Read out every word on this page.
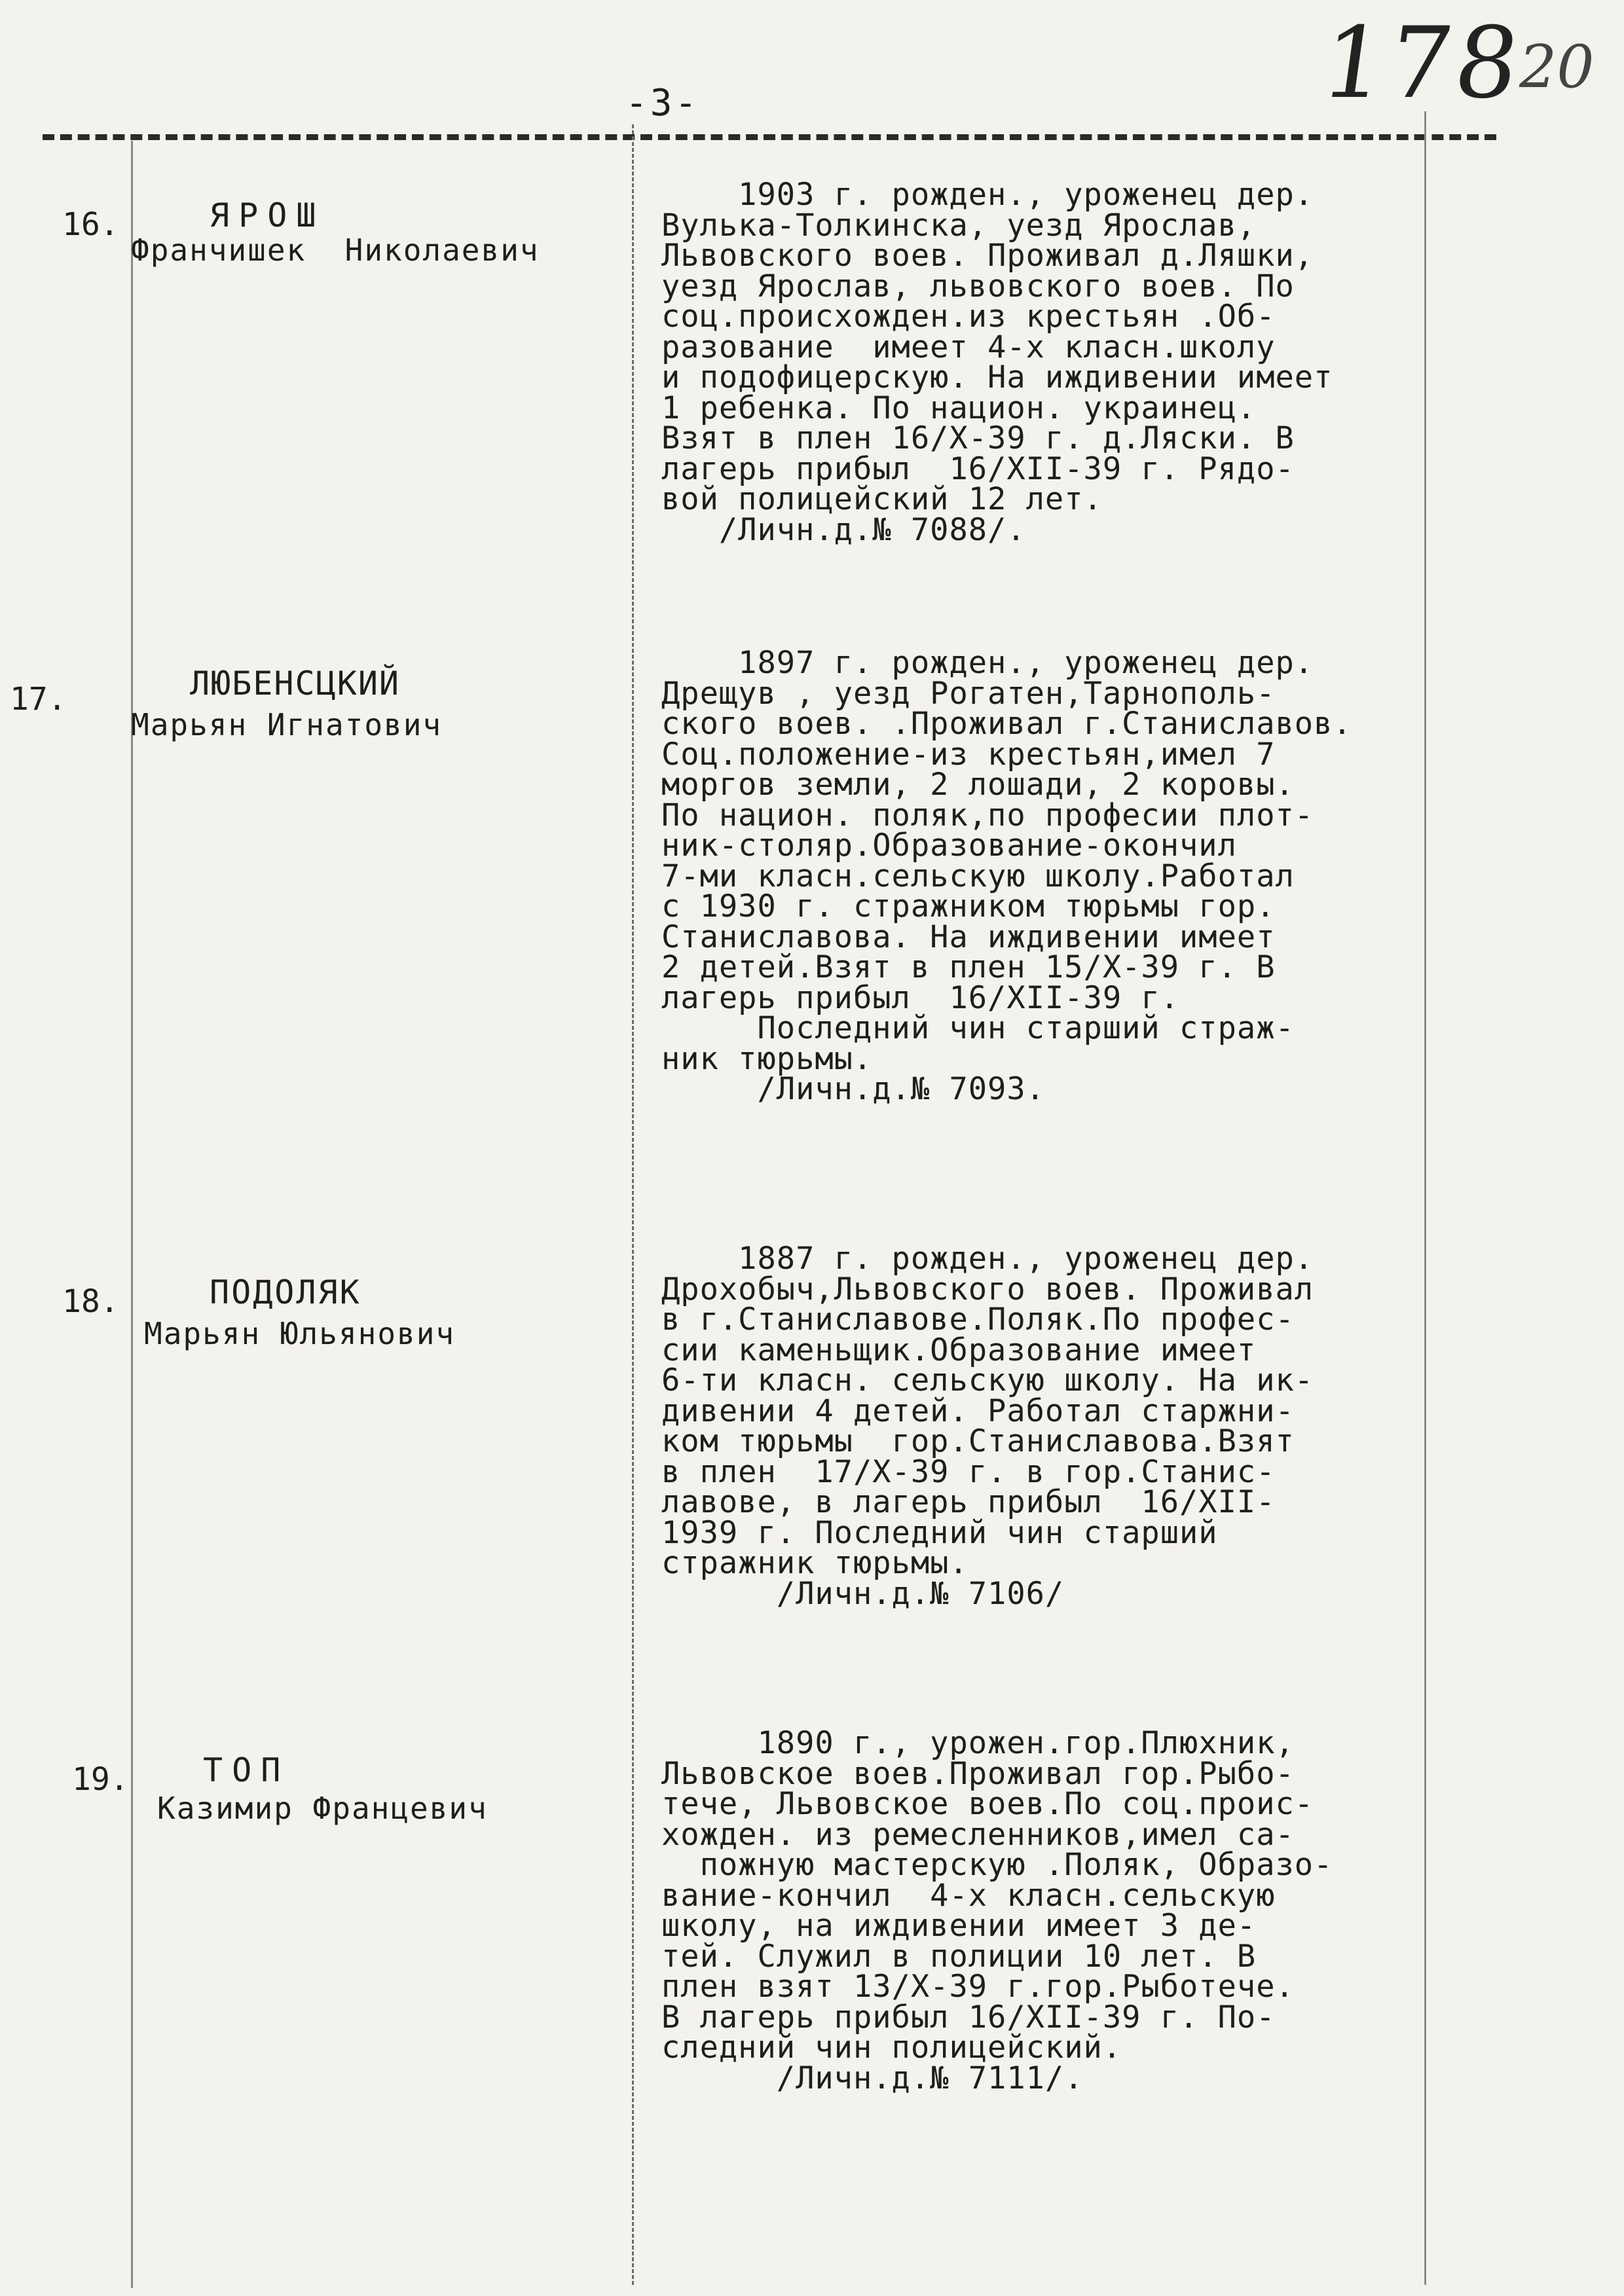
178
20
-3-
16.	ЯРОШ
Франчишек  Николаевич
1903 г. рожден., уроженец дер.
Вулька-Толкинска, уезд Ярослав,
Львовского воев. Проживал д.Ляшки,
уезд Ярослав, львовского воев. По
соц.происхожден.из крестьян .Об-
разование  имеет 4-х класн.школу
и подофицерскую. На иждивении имеет
1 ребенка. По национ. украинец.
Взят в плен 16/X-39 г. д.Ляски. В
лагерь прибыл  16/XII-39 г. Рядо-
вой полицейский 12 лет.
/Личн.д.№ 7088/.
17.	ЛЮБЕНСЦКИЙ
Марьян Игнатович
1897 г. рожден., уроженец дер.
Дрещув , уезд Рогатен,Тарнополь-
ского воев. .Проживал г.Станиславов.
Соц.положение-из крестьян,имел 7
моргов земли, 2 лошади, 2 коровы.
По национ. поляк,по професии плот-
ник-столяр.Образование-окончил
7-ми класн.сельскую школу.Работал
с 1930 г. стражником тюрьмы гор.
Станиславова. На иждивении имеет
2 детей.Взят в плен 15/X-39 г. В
лагерь прибыл  16/XII-39 г.
Последний чин старший страж-
ник тюрьмы.
/Личн.д.№ 7093.
18.	ПОДОЛЯК
Марьян Юльянович
1887 г. рожден., уроженец дер.
Дрохобыч,Львовского воев. Проживал
в г.Станиславове.Поляк.По профес-
сии каменьщик.Образование имеет
6-ти класн. сельскую школу. На ик-
дивении 4 детей. Работал старжни-
ком тюрьмы  гор.Станиславова.Взят
в плен  17/X-39 г. в гор.Станис-
лавове, в лагерь прибыл  16/XII-
1939 г. Последний чин старший
стражник тюрьмы.
/Личн.д.№ 7106/
19. ТОП
Казимир Францевич
1890 г., урожен.гор.Плюхник,
Львовское воев.Проживал гор.Рыбо-
тече, Львовское воев.По соц.проис-
хожден. из ремесленников,имел са-
пожную мастерскую .Поляк, Образо-
вание-кончил  4-х класн.сельскую
школу, на иждивении имеет 3 де-
тей. Служил в полиции 10 лет. В
плен взят 13/X-39 г.гор.Рыботече.
В лагерь прибыл 16/XII-39 г. По-
следний чин полицейский.
/Личн.д.№ 7111/.
